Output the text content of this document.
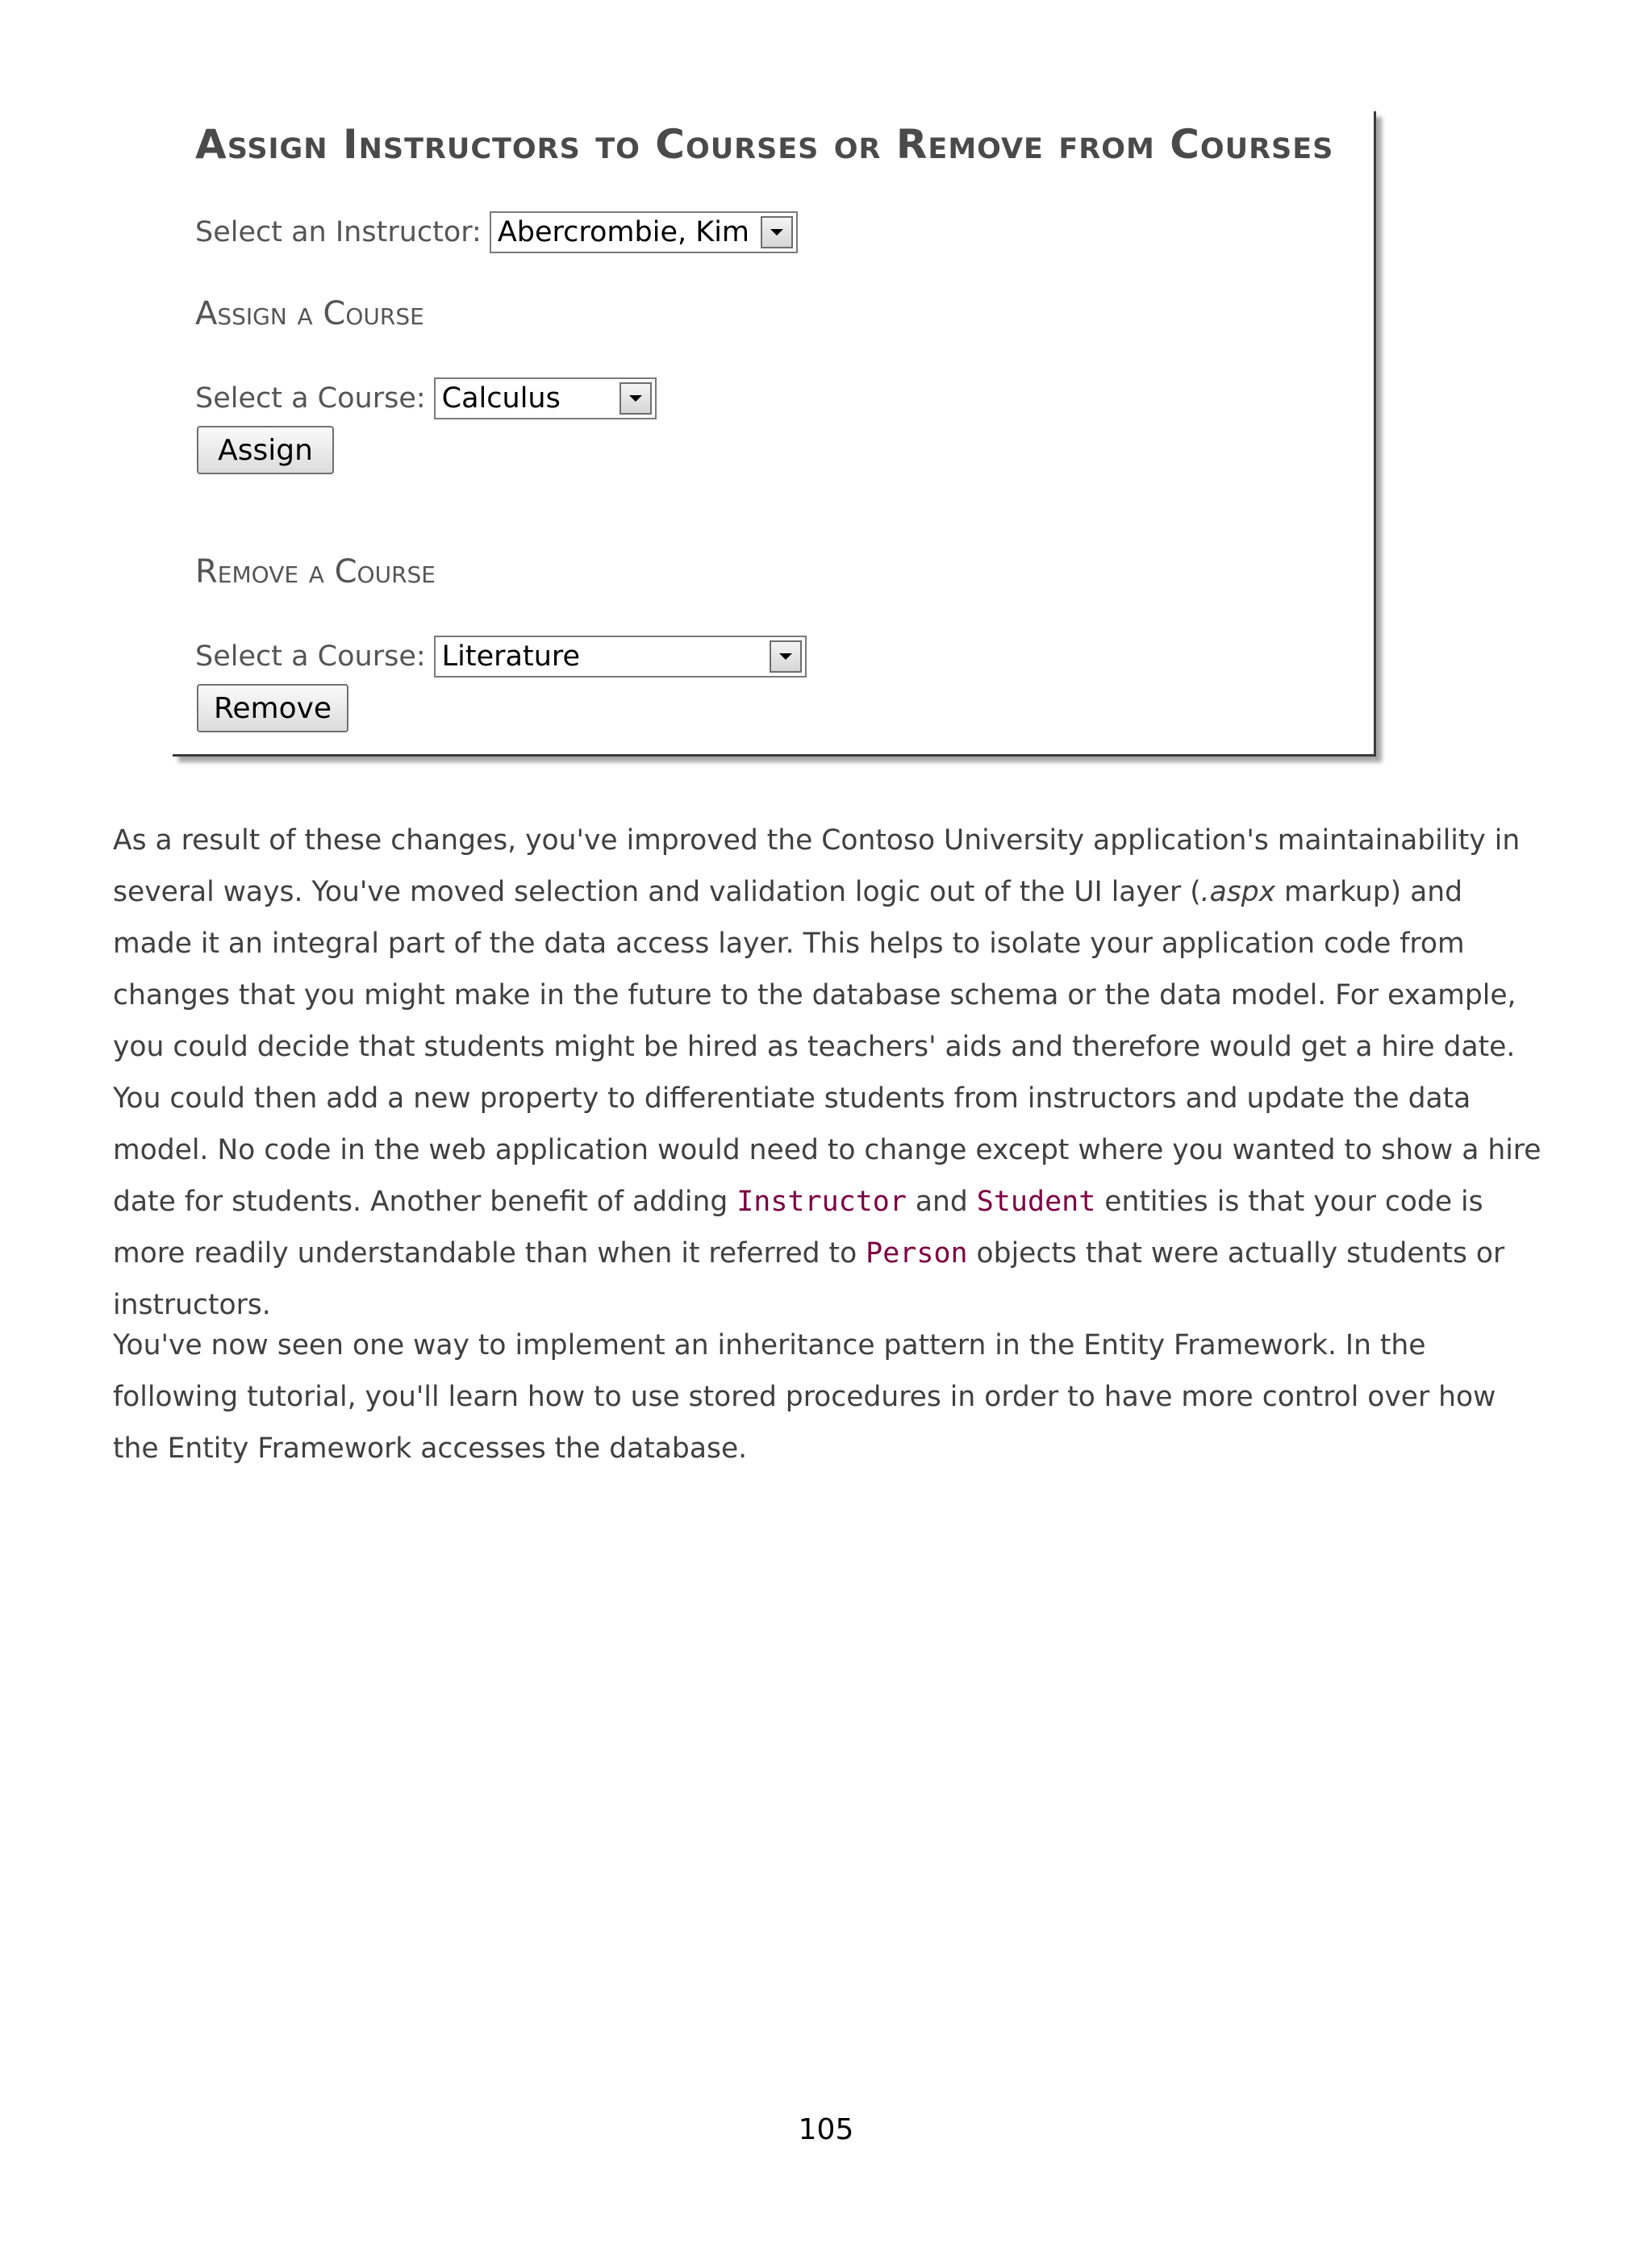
Assign Instructors to Courses or Remove from Courses
Select an Instructor: Abercrombie, Kim
Assign a Course
Select a Course: Calculus
Assign
Remove a Course
Select a Course: Literature
Remove

As a result of these changes, you've improved the Contoso University application's maintainability in several ways. You've moved selection and validation logic out of the UI layer (.aspx markup) and made it an integral part of the data access layer. This helps to isolate your application code from changes that you might make in the future to the database schema or the data model. For example, you could decide that students might be hired as teachers' aids and therefore would get a hire date. You could then add a new property to differentiate students from instructors and update the data model. No code in the web application would need to change except where you wanted to show a hire date for students. Another benefit of adding Instructor and Student entities is that your code is more readily understandable than when it referred to Person objects that were actually students or instructors.

You've now seen one way to implement an inheritance pattern in the Entity Framework. In the following tutorial, you'll learn how to use stored procedures in order to have more control over how the Entity Framework accesses the database.

105
